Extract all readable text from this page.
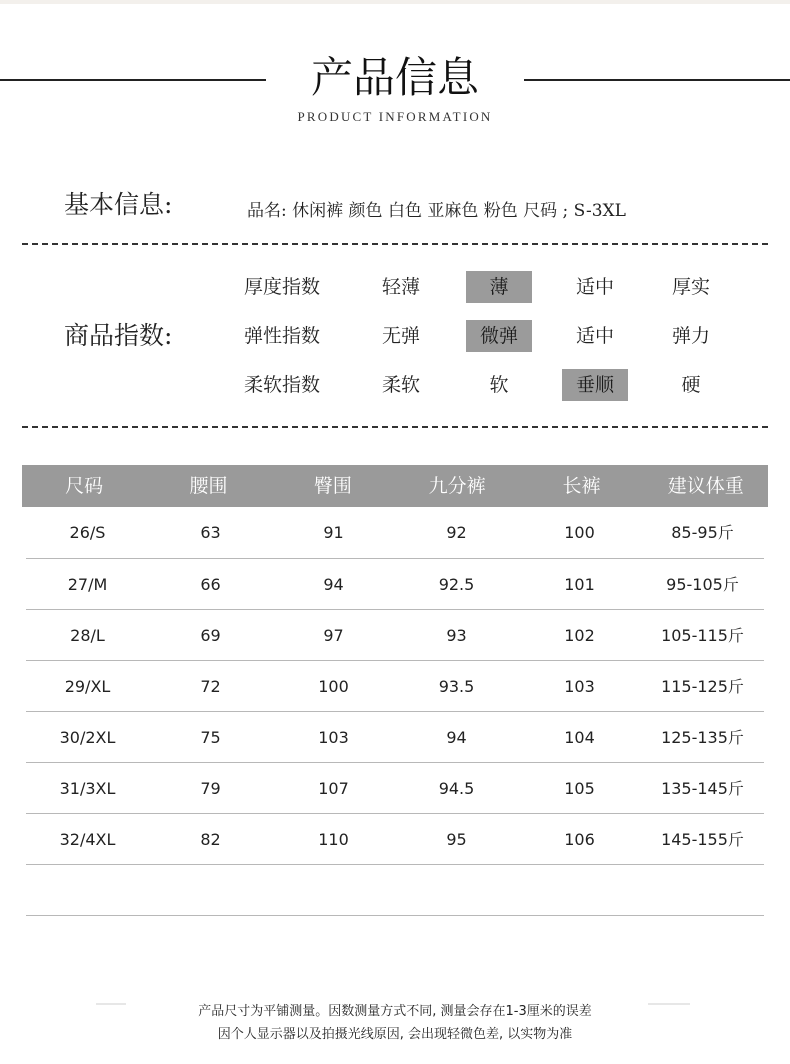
产品信息
PRODUCT INFORMATION
基本信息:	品名: 休闲裤 颜色 白色 亚麻色 粉色 尺码 ; S-3XL
商品指数:
厚度指数	轻薄	薄	适中	厚实
弹性指数	无弹	微弹	适中	弹力
柔软指数	柔软	软	垂顺	硬
尺码	腰围	臀围	九分裤	长裤	建议体重
26/S	63	91	92	100	85-95斤
27/M	66	94	92.5	101	95-105斤
28/L	69	97	93	102	105-115斤
29/XL	72	100	93.5	103	115-125斤
30/2XL	75	103	94	104	125-135斤
31/3XL	79	107	94.5	105	135-145斤
32/4XL	82	110	95	106	145-155斤
产品尺寸为平铺测量。因数测量方式不同, 测量会存在1-3厘米的误差
因个人显示器以及拍摄光线原因, 会出现轻微色差, 以实物为准
